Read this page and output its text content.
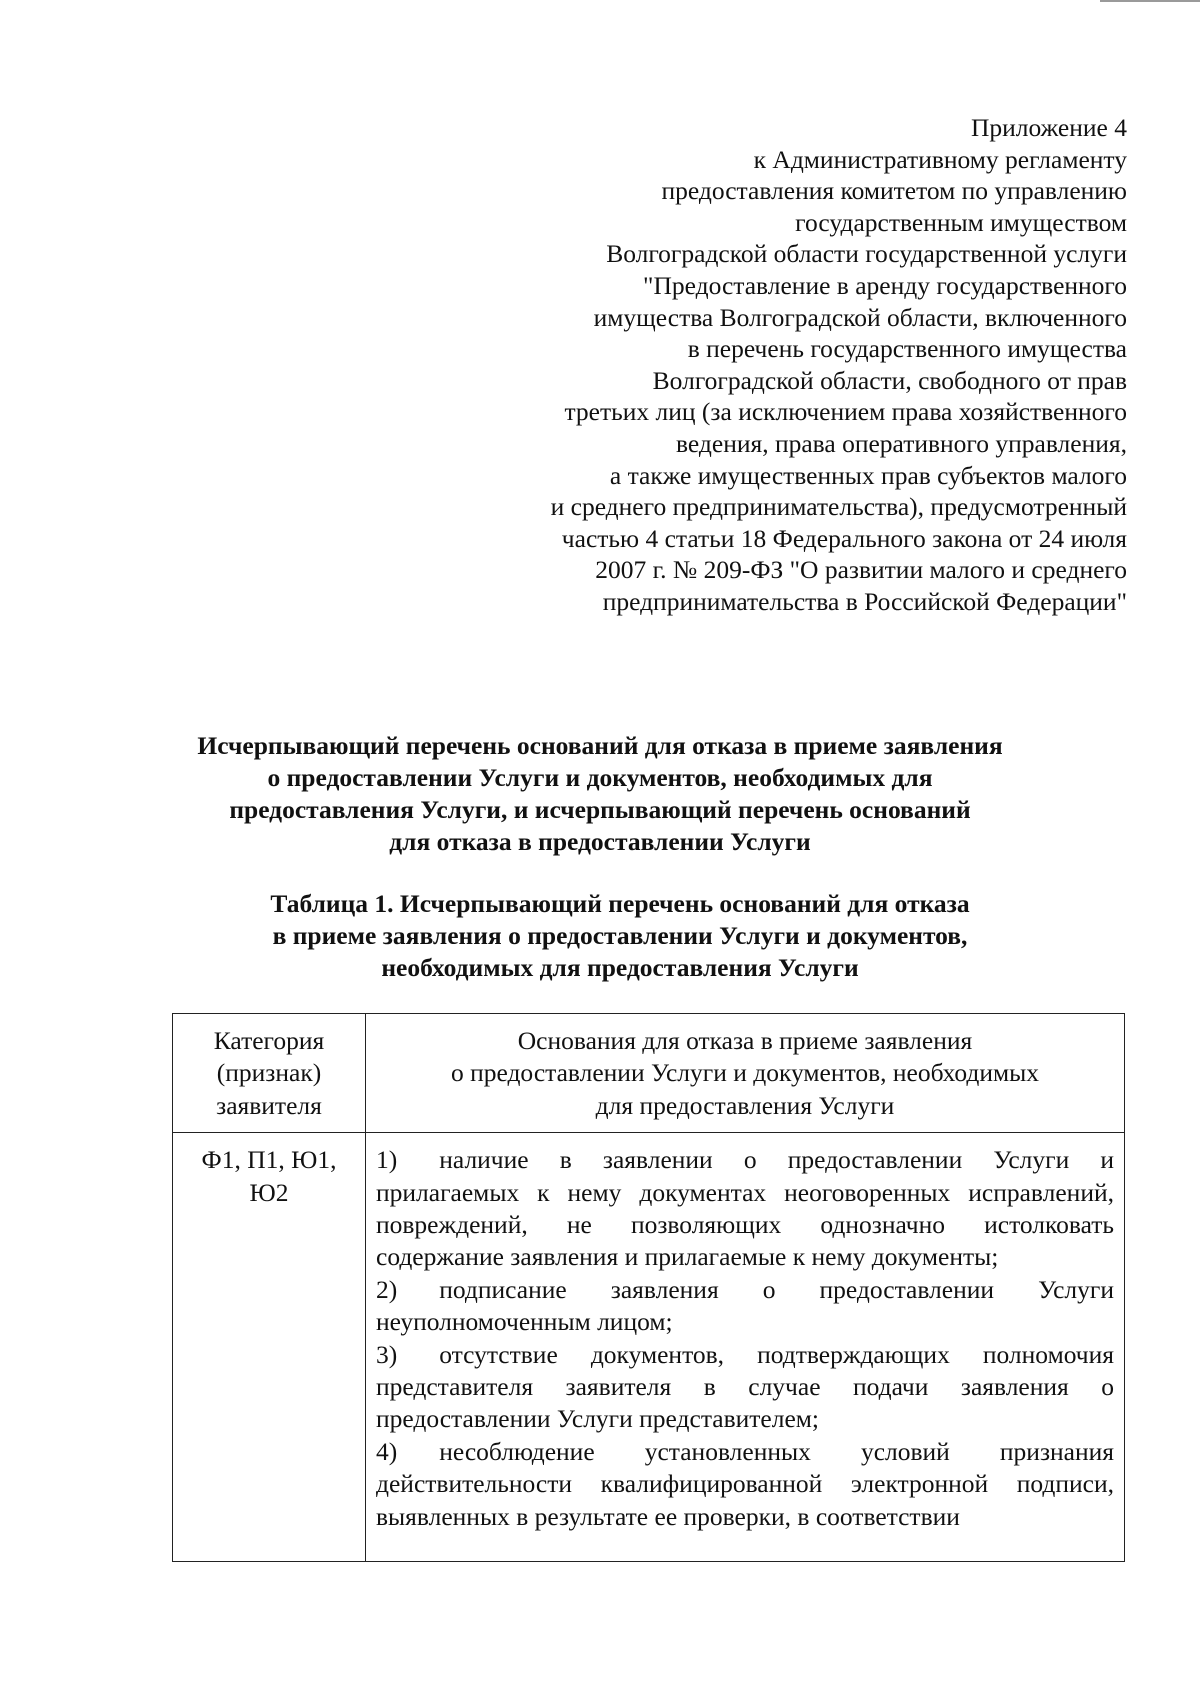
Приложение 4
к Административному регламенту
предоставления комитетом по управлению
государственным имуществом
Волгоградской области государственной услуги
"Предоставление в аренду государственного
имущества Волгоградской области, включенного
в перечень государственного имущества
Волгоградской области, свободного от прав
третьих лиц (за исключением права хозяйственного
ведения, права оперативного управления,
а также имущественных прав субъектов малого
и среднего предпринимательства), предусмотренный
частью 4 статьи 18 Федерального закона от 24 июля
2007 г. № 209-ФЗ "О развитии малого и среднего
предпринимательства в Российской Федерации"
Исчерпывающий перечень оснований для отказа в приеме заявления
о предоставлении Услуги и документов, необходимых для
предоставления Услуги, и исчерпывающий перечень оснований
для отказа в предоставлении Услуги
Таблица 1. Исчерпывающий перечень оснований для отказа
в приеме заявления о предоставлении Услуги и документов,
необходимых для предоставления Услуги
Категория
(признак)
заявителя	Основания для отказа в приеме заявления
о предоставлении Услуги и документов, необходимых
для предоставления Услуги

Ф1, П1, Ю1, Ю2	1) наличие в заявлении о предоставлении Услуги и прилагаемых к нему документах неоговоренных исправлений, повреждений, не позволяющих однозначно истолковать содержание заявления и прилагаемые к нему документы;
2) подписание заявления о предоставлении Услуги неуполномоченным лицом;
3) отсутствие документов, подтверждающих полномочия представителя заявителя в случае подачи заявления о предоставлении Услуги представителем;
4) несоблюдение установленных условий признания действительности квалифицированной электронной подписи, выявленных в результате ее проверки, в соответствии
